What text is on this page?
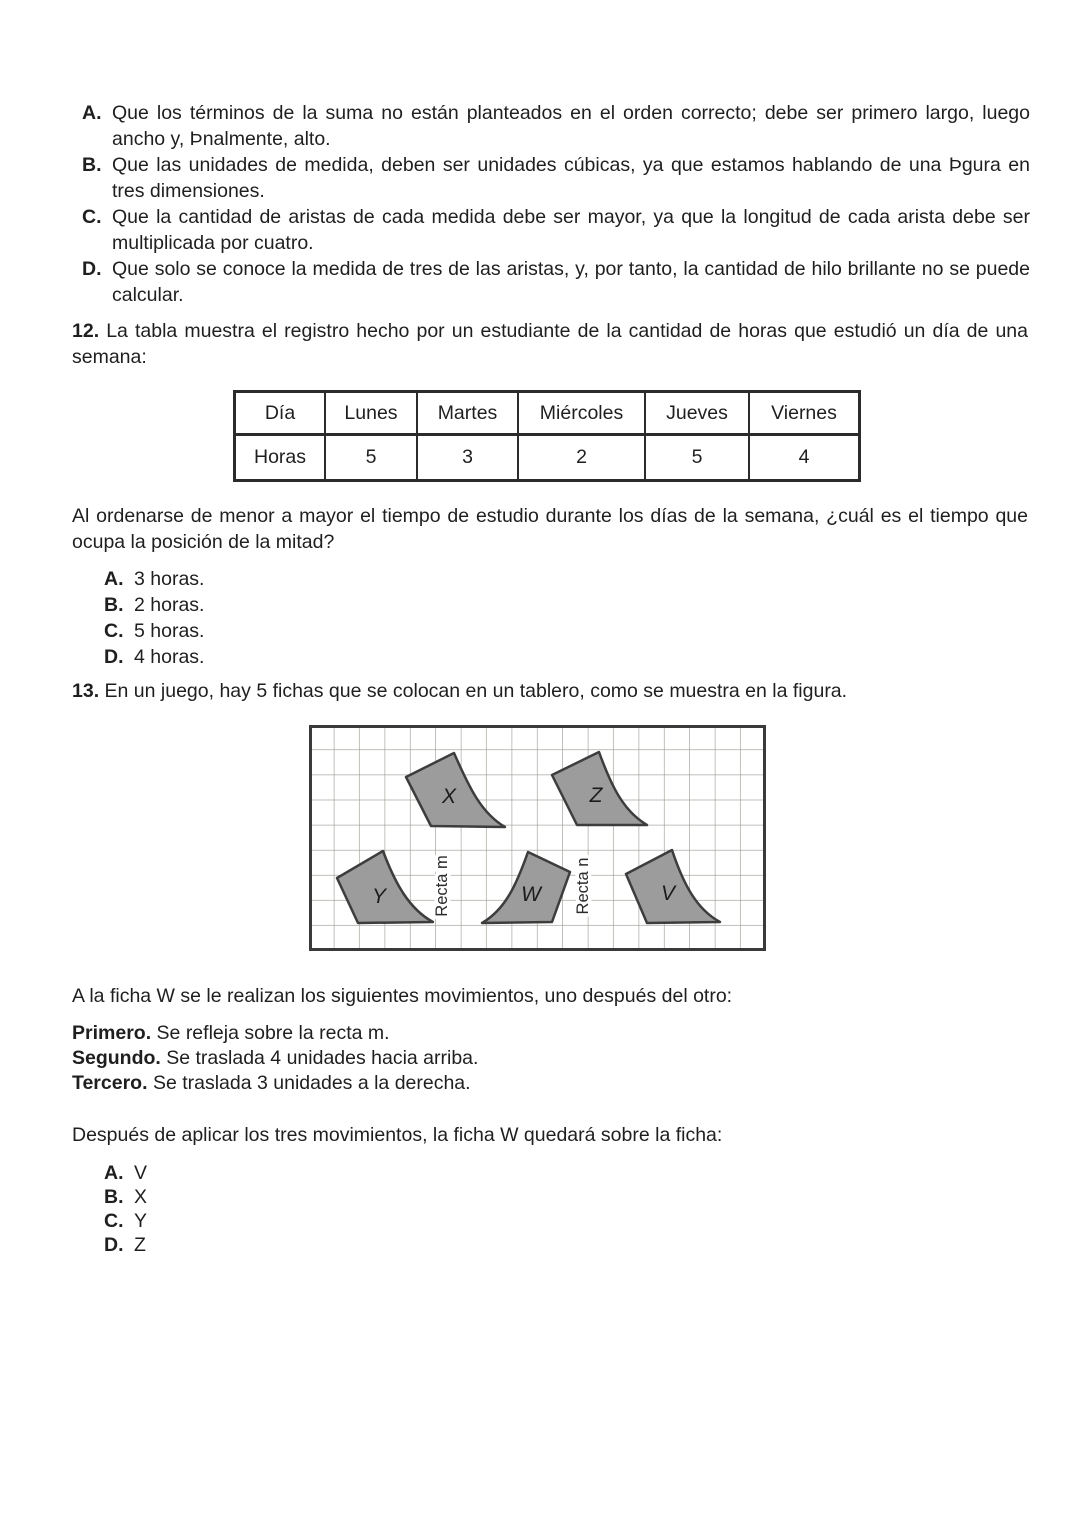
A. Que los términos de la suma no están planteados en el orden correcto; debe ser primero largo, luego ancho y, Þnalmente, alto.
B. Que las unidades de medida, deben ser unidades cúbicas, ya que estamos hablando de una Þgura en tres dimensiones.
C. Que la cantidad de aristas de cada medida debe ser mayor, ya que la longitud de cada arista debe ser multiplicada por cuatro.
D. Que solo se conoce la medida de tres de las aristas, y, por tanto, la cantidad de hilo brillante no se puede calcular.

12. La tabla muestra el registro hecho por un estudiante de la cantidad de horas que estudió un día de una semana:

Día	Lunes	Martes	Miércoles	Jueves	Viernes
Horas	5	3	2	5	4

Al ordenarse de menor a mayor el tiempo de estudio durante los días de la semana, ¿cuál es el tiempo que ocupa la posición de la mitad?

A. 3 horas.
B. 2 horas.
C. 5 horas.
D. 4 horas.

13. En un juego, hay 5 fichas que se colocan en un tablero, como se muestra en la figura.

X	Z
Y	W	V
Recta m	Recta n

A la ficha W se le realizan los siguientes movimientos, uno después del otro:

Primero. Se refleja sobre la recta m.
Segundo. Se traslada 4 unidades hacia arriba.
Tercero. Se traslada 3 unidades a la derecha.

Después de aplicar los tres movimientos, la ficha W quedará sobre la ficha:

A. V
B. X
C. Y
D. Z
